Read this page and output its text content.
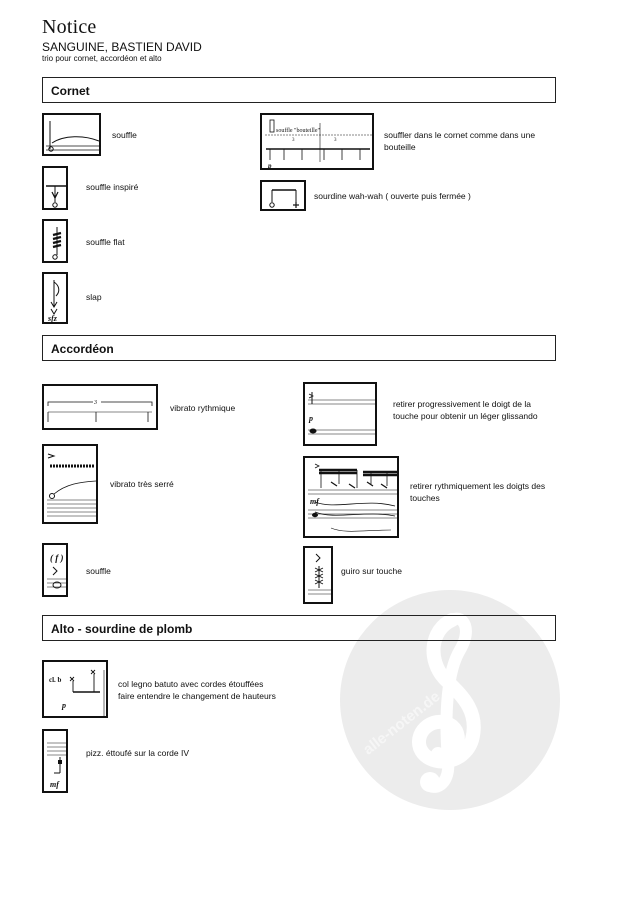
Notice
SANGUINE, BASTIEN DAVID
trio pour cornet, accordéon et alto
alle-noten.de
Cornet
souffle
souffle inspiré
souffle flat
sfz
slap
souffle "bouteille"
3	3
p
souffler dans le cornet comme dans une bouteille
sourdine wah-wah ( ouverte puis fermée )
Accordéon
3	vibrato rythmique
vibrato très serré
( f )
souffle
p
retirer progressivement le doigt de la touche pour obtenir un léger glissando
mf
retirer rythmiquement les doigts des touches
guiro sur touche
Alto - sourdine de plomb
cl. b
p
col legno batuto avec cordes étouffées
faire entendre le changement de hauteurs
mf
pizz. éttoufé sur la corde IV
